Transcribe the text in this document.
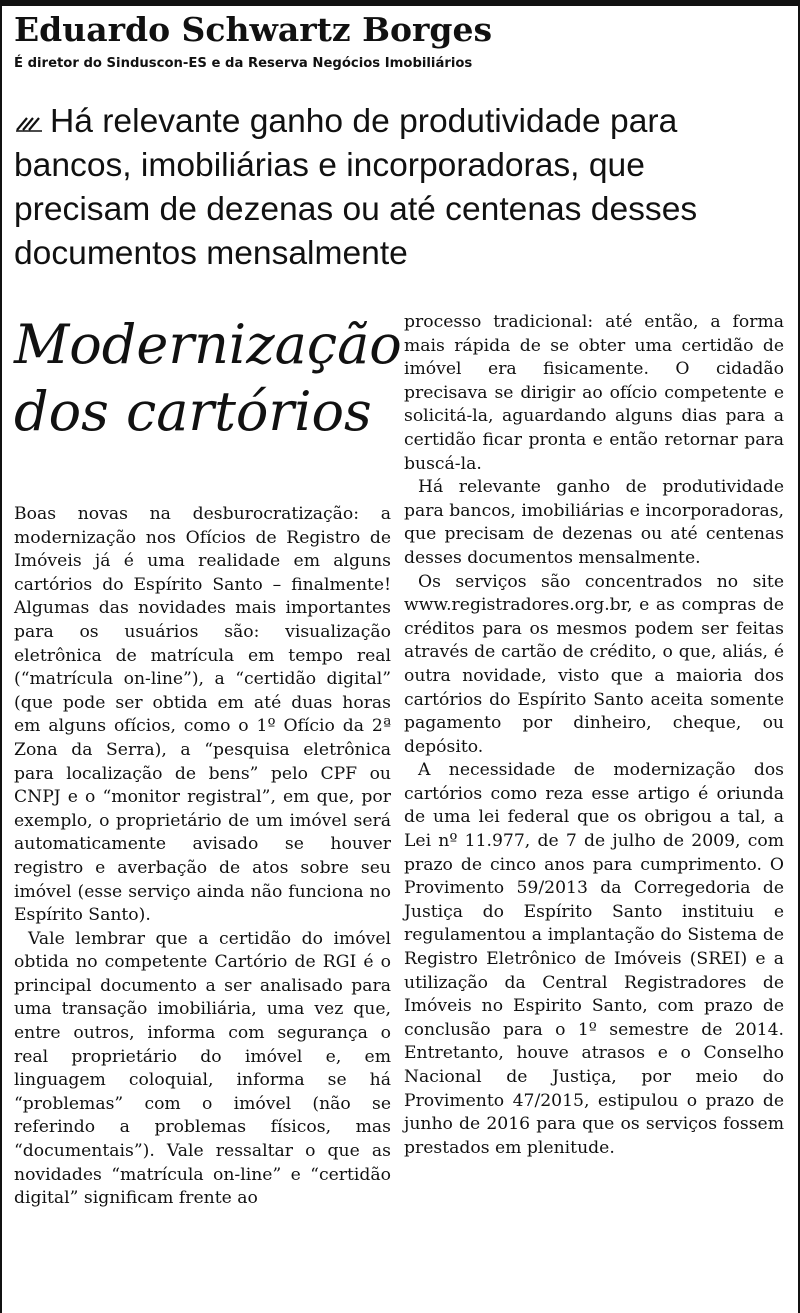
Eduardo Schwartz Borges
É diretor do Sinduscon-ES e da Reserva Negócios Imobiliários
Há relevante ganho de produtividade para bancos, imobiliárias e incorporadoras, que precisam de dezenas ou até centenas desses documentos mensalmente
Modernização
dos cartórios

Boas novas na desburocratização: a modernização nos Ofícios de Registro de Imóveis já é uma realidade em alguns cartórios do Espírito Santo – finalmente! Algumas das novidades mais importantes para os usuários são: visualização eletrônica de matrícula em tempo real (“matrícula on-line”), a “certidão digital” (que pode ser obtida em até duas horas em alguns ofícios, como o 1º Ofício da 2ª Zona da Serra), a “pesquisa eletrônica para localização de bens” pelo CPF ou CNPJ e o “monitor registral”, em que, por exemplo, o proprietário de um imóvel será automaticamente avisado se houver registro e averbação de atos sobre seu imóvel (esse serviço ainda não funciona no Espírito Santo).

Vale lembrar que a certidão do imóvel obtida no competente Cartório de RGI é o principal documento a ser analisado para uma transação imobiliária, uma vez que, entre outros, informa com segurança o real proprietário do imóvel e, em linguagem coloquial, informa se há “problemas” com o imóvel (não se referindo a problemas físicos, mas “documentais”). Vale ressaltar o que as novidades “matrícula on-line” e “certidão digital” significam frente ao

processo tradicional: até então, a forma mais rápida de se obter uma certidão de imóvel era fisicamente. O cidadão precisava se dirigir ao ofício competente e solicitá-la, aguardando alguns dias para a certidão ficar pronta e então retornar para buscá-la.

Há relevante ganho de produtividade para bancos, imobiliárias e incorporadoras, que precisam de dezenas ou até centenas desses documentos mensalmente.

Os serviços são concentrados no site www.registradores.org.br, e as compras de créditos para os mesmos podem ser feitas através de cartão de crédito, o que, aliás, é outra novidade, visto que a maioria dos cartórios do Espírito Santo aceita somente pagamento por dinheiro, cheque, ou depósito.

A necessidade de modernização dos cartórios como reza esse artigo é oriunda de uma lei federal que os obrigou a tal, a Lei nº 11.977, de 7 de julho de 2009, com prazo de cinco anos para cumprimento. O Provimento 59/2013 da Corregedoria de Justiça do Espírito Santo instituiu e regulamentou a implantação do Sistema de Registro Eletrônico de Imóveis (SREI) e a utilização da Central Registradores de Imóveis no Espirito Santo, com prazo de conclusão para o 1º semestre de 2014. Entretanto, houve atrasos e o Conselho Nacional de Justiça, por meio do Provimento 47/2015, estipulou o prazo de junho de 2016 para que os serviços fossem prestados em plenitude.
